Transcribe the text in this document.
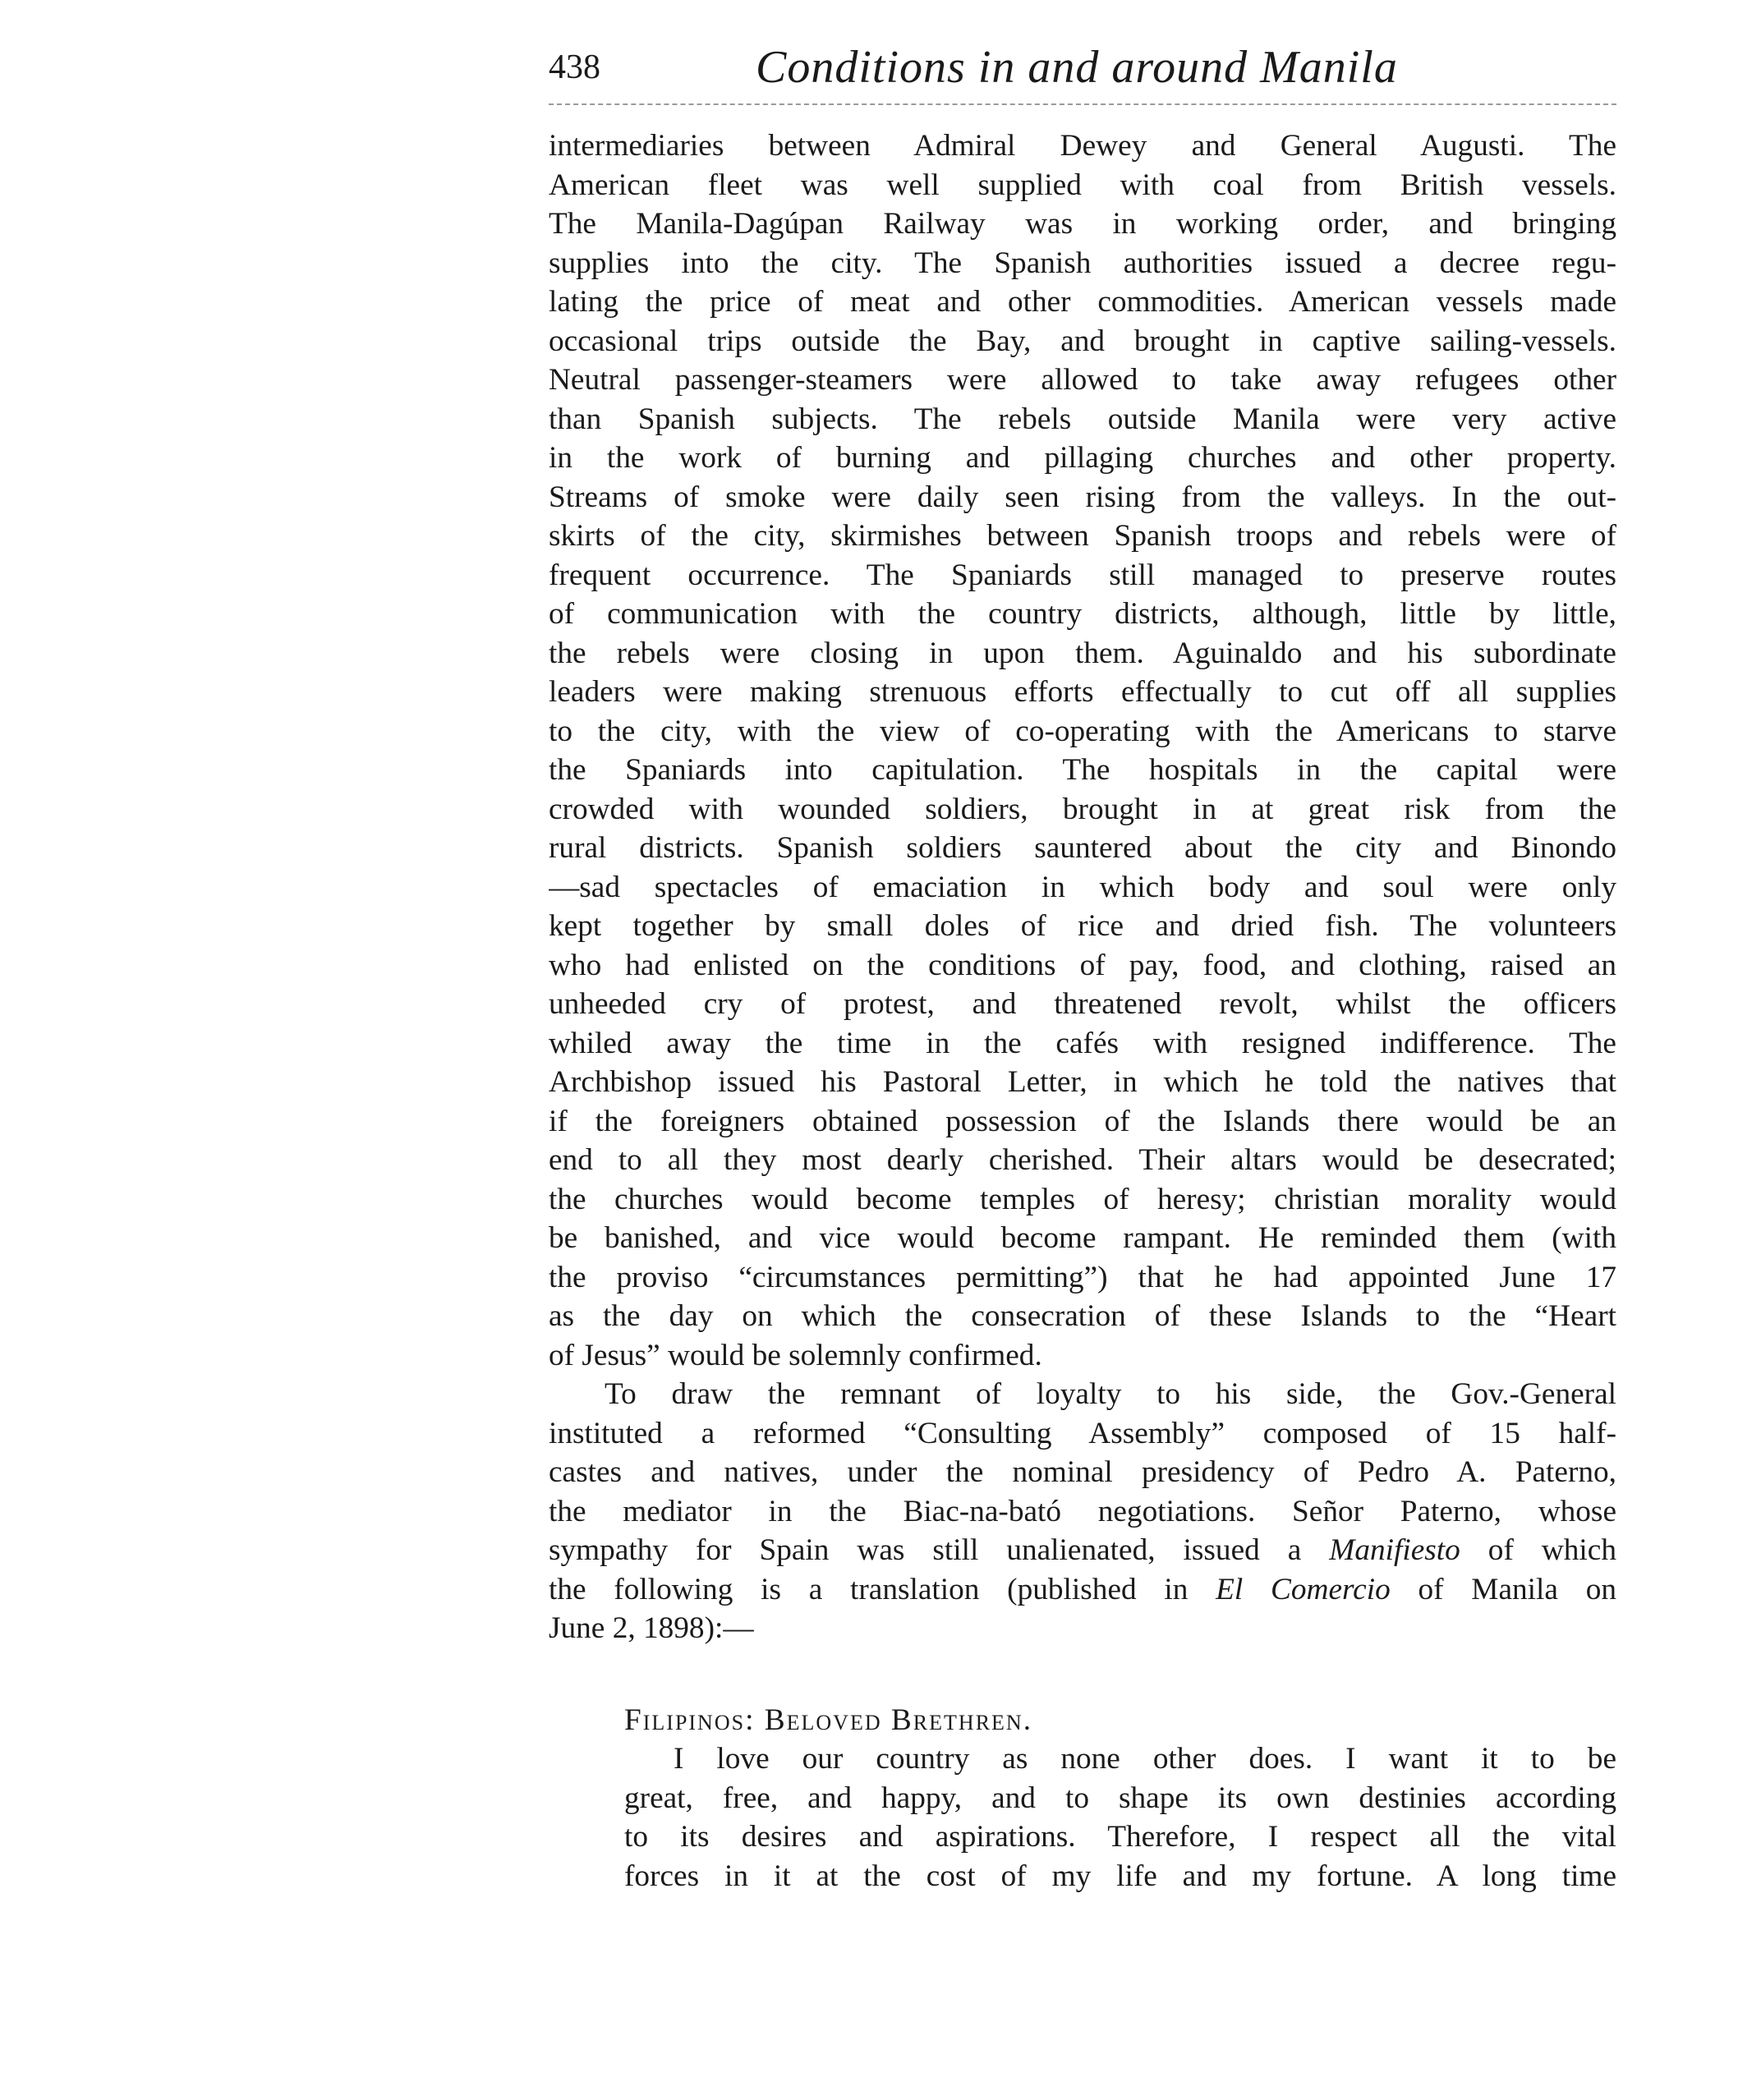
438	Conditions in and around Manila
intermediaries between Admiral Dewey and General Augusti. The
American fleet was well supplied with coal from British vessels.
The Manila-Dagúpan Railway was in working order, and bringing
supplies into the city. The Spanish authorities issued a decree regu-
lating the price of meat and other commodities. American vessels made
occasional trips outside the Bay, and brought in captive sailing-vessels.
Neutral passenger-steamers were allowed to take away refugees other
than Spanish subjects. The rebels outside Manila were very active
in the work of burning and pillaging churches and other property.
Streams of smoke were daily seen rising from the valleys. In the out-
skirts of the city, skirmishes between Spanish troops and rebels were of
frequent occurrence. The Spaniards still managed to preserve routes
of communication with the country districts, although, little by little,
the rebels were closing in upon them. Aguinaldo and his subordinate
leaders were making strenuous efforts effectually to cut off all supplies
to the city, with the view of co-operating with the Americans to starve
the Spaniards into capitulation. The hospitals in the capital were
crowded with wounded soldiers, brought in at great risk from the
rural districts. Spanish soldiers sauntered about the city and Binondo
—sad spectacles of emaciation in which body and soul were only
kept together by small doles of rice and dried fish. The volunteers
who had enlisted on the conditions of pay, food, and clothing, raised an
unheeded cry of protest, and threatened revolt, whilst the officers
whiled away the time in the cafés with resigned indifference. The
Archbishop issued his Pastoral Letter, in which he told the natives that
if the foreigners obtained possession of the Islands there would be an
end to all they most dearly cherished. Their altars would be desecrated;
the churches would become temples of heresy; christian morality would
be banished, and vice would become rampant. He reminded them (with
the proviso “circumstances permitting”) that he had appointed June 17
as the day on which the consecration of these Islands to the “Heart
of Jesus” would be solemnly confirmed.
To draw the remnant of loyalty to his side, the Gov.-General
instituted a reformed “Consulting Assembly” composed of 15 half-
castes and natives, under the nominal presidency of Pedro A. Paterno,
the mediator in the Biac-na-bató negotiations. Señor Paterno, whose
sympathy for Spain was still unalienated, issued a Manifiesto of which
the following is a translation (published in El Comercio of Manila on
June 2, 1898):—
Filipinos: Beloved Brethren.
I love our country as none other does. I want it to be
great, free, and happy, and to shape its own destinies according
to its desires and aspirations. Therefore, I respect all the vital
forces in it at the cost of my life and my fortune. A long time
